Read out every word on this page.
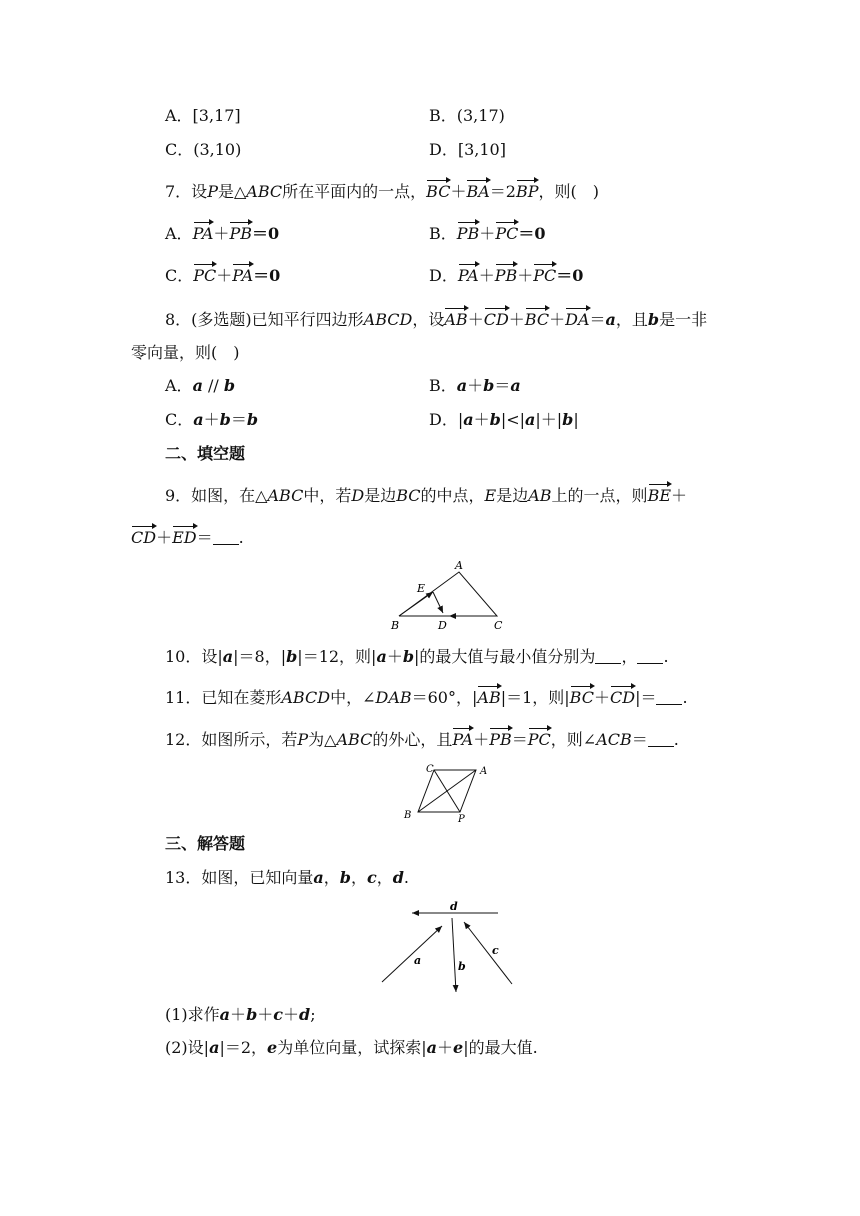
A．[3,17]	B．(3,17)
C．(3,10)	D．[3,10]
7．设P是△ABC所在平面内的一点，BC＋BA＝2BP，则(　)
A．PA＋PB＝0	B．PB＋PC＝0
C．PC＋PA＝0	D．PA＋PB＋PC＝0
8．(多选题)已知平行四边形ABCD，设AB＋CD＋BC＋DA＝a，且b是一非
零向量，则(　)
A．a // b	B．a＋b＝a
C．a＋b＝b	D．|a＋b|<|a|＋|b|
二、填空题
9．如图，在△ABC中，若D是边BC的中点，E是边AB上的一点，则BE＋
CD＋ED＝ .
A
B	C
D
E
10．设|a|＝8，|b|＝12，则|a＋b|的最大值与最小值分别为 ， .
11．已知在菱形ABCD中，∠DAB＝60°，|AB|＝1，则|BC＋CD|＝ .
12．如图所示，若P为△ABC的外心，且PA＋PB＝PC，则∠ACB＝ .
C	A
B	P
三、解答题
13．如图，已知向量a，b，c，d.
d
a	b
c
(1)求作a＋b＋c＋d;
(2)设|a|＝2，e为单位向量，试探索|a＋e|的最大值.
